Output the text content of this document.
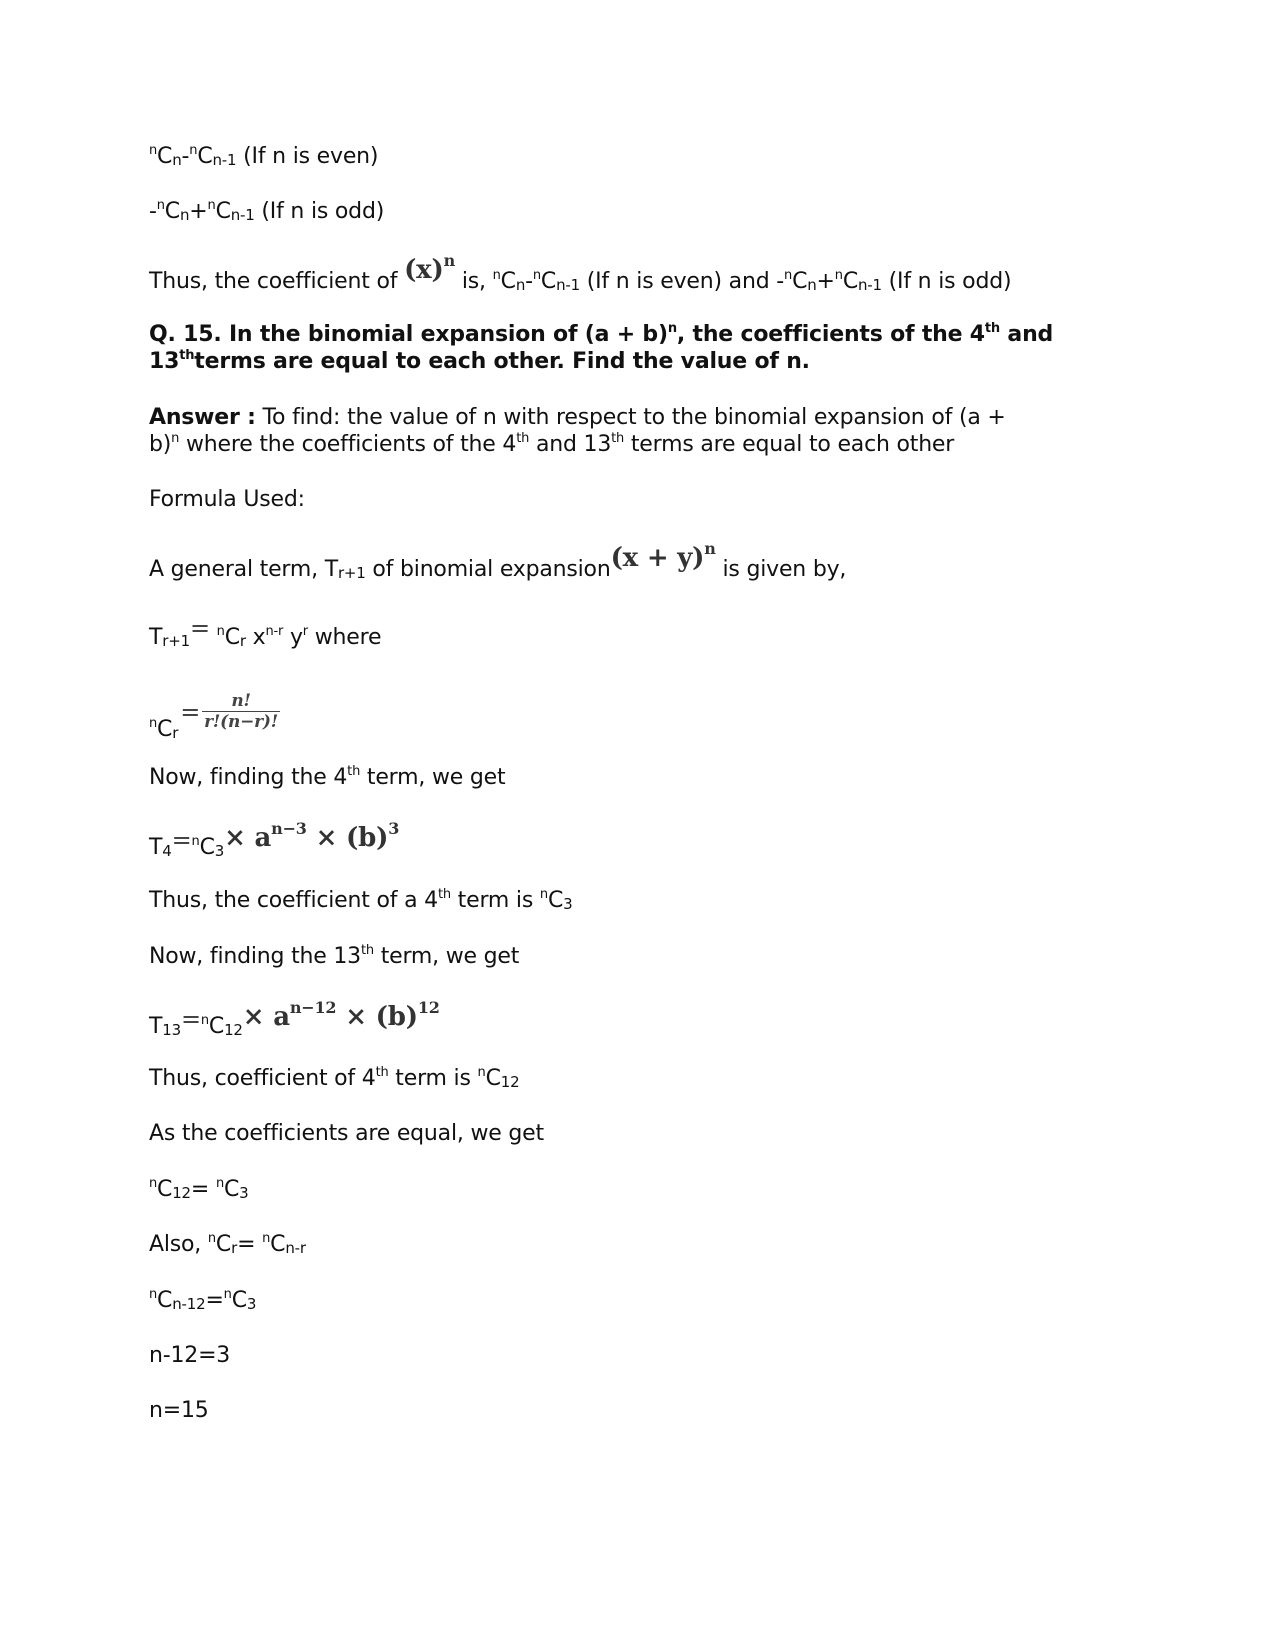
$^nC_n-^nC_{n-1}$ (If n is even)
$-^nC_n+^nC_{n-1}$ (If n is odd)
Thus, the coefficient of $(x)^n$ is, $^nC_n-^nC_{n-1}$ (If n is even) and $-^nC_n+^nC_{n-1}$ (If n is odd)
Q. 15. In the binomial expansion of $(a + b)^n$, the coefficients of the 4th and
13thterms are equal to each other. Find the value of n.
Answer : To find: the value of n with respect to the binomial expansion of (a +
b)$^n$ where the coefficients of the 4th and 13th terms are equal to each other
Formula Used:
A general term, $T_{r+1}$ of binomial expansion(x + y)$^n$ is given by,
$T_{r+1}= ^nC_r$ $x^{n-r}$ $y^r$ where
$^nC_r= \frac{n!}{r!(n-r)!}$
Now, finding the 4th term, we get
$T_4=^nC_3\times a^{n-3} \times (b)^3$
Thus, the coefficient of a 4th term is $^nC_3$
Now, finding the 13th term, we get
$T_{13}=^nC_{12}\times a^{n-12} \times (b)^{12}$
Thus, coefficient of 4th term is $^nC_{12}$
As the coefficients are equal, we get
$^nC_{12}= ^nC_3$
Also, $^nC_r= ^nC_{n-r}$
$^nC_{n-12}=^nC_3$
n-12=3
n=15
